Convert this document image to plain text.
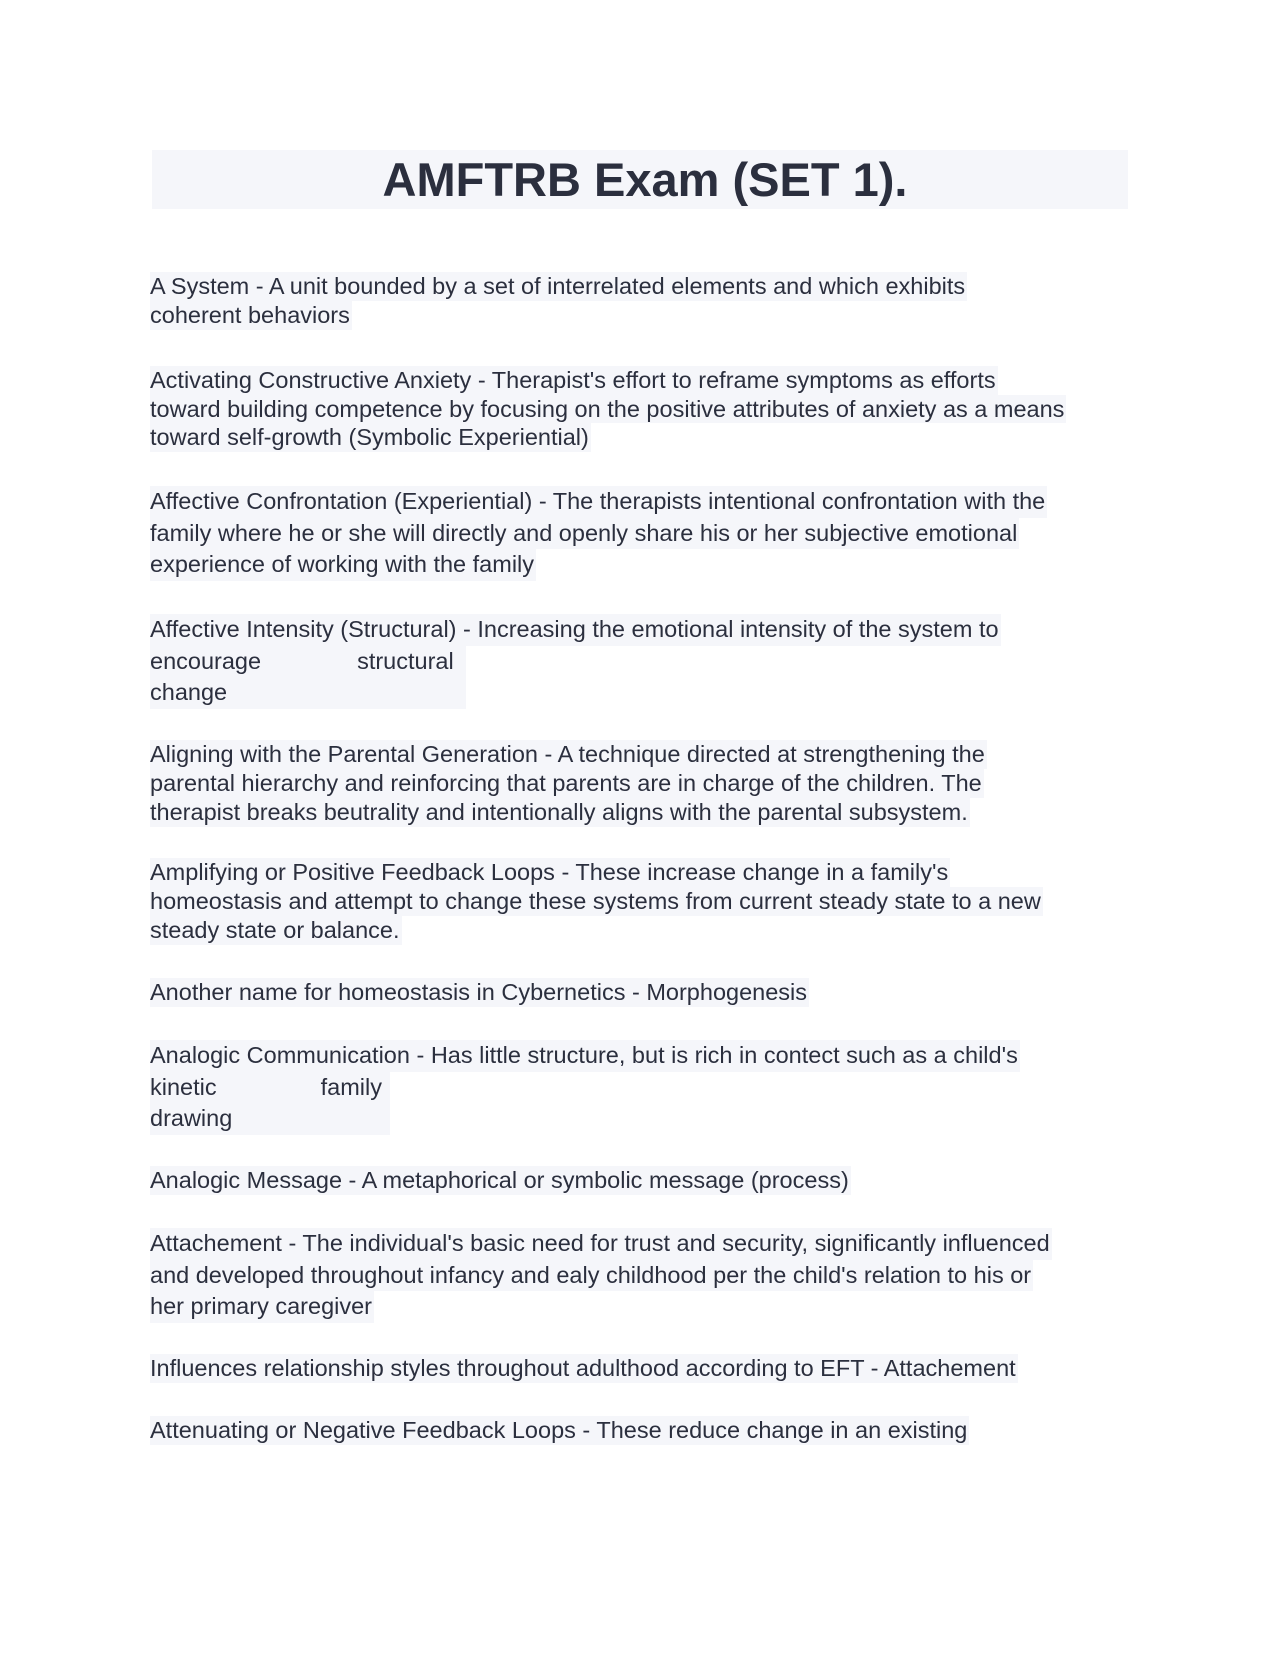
AMFTRB Exam (SET 1).
A System - A unit bounded by a set of interrelated elements and which exhibits
coherent behaviors
Activating Constructive Anxiety - Therapist's effort to reframe symptoms as efforts
toward building competence by focusing on the positive attributes of anxiety as a means
toward self-growth (Symbolic Experiential)
Affective Confrontation (Experiential) - The therapists intentional confrontation with the
family where he or she will directly and openly share his or her subjective emotional
experience of working with the family
Affective Intensity (Structural) - Increasing the emotional intensity of the system to
encourage	structural
change
Aligning with the Parental Generation - A technique directed at strengthening the
parental hierarchy and reinforcing that parents are in charge of the children. The
therapist breaks beutrality and intentionally aligns with the parental subsystem.
Amplifying or Positive Feedback Loops - These increase change in a family's
homeostasis and attempt to change these systems from current steady state to a new
steady state or balance.
Another name for homeostasis in Cybernetics - Morphogenesis
Analogic Communication - Has little structure, but is rich in contect such as a child's
kinetic	family
drawing
Analogic Message - A metaphorical or symbolic message (process)
Attachement - The individual's basic need for trust and security, significantly influenced
and developed throughout infancy and ealy childhood per the child's relation to his or
her primary caregiver
Influences relationship styles throughout adulthood according to EFT - Attachement
Attenuating or Negative Feedback Loops - These reduce change in an existing
